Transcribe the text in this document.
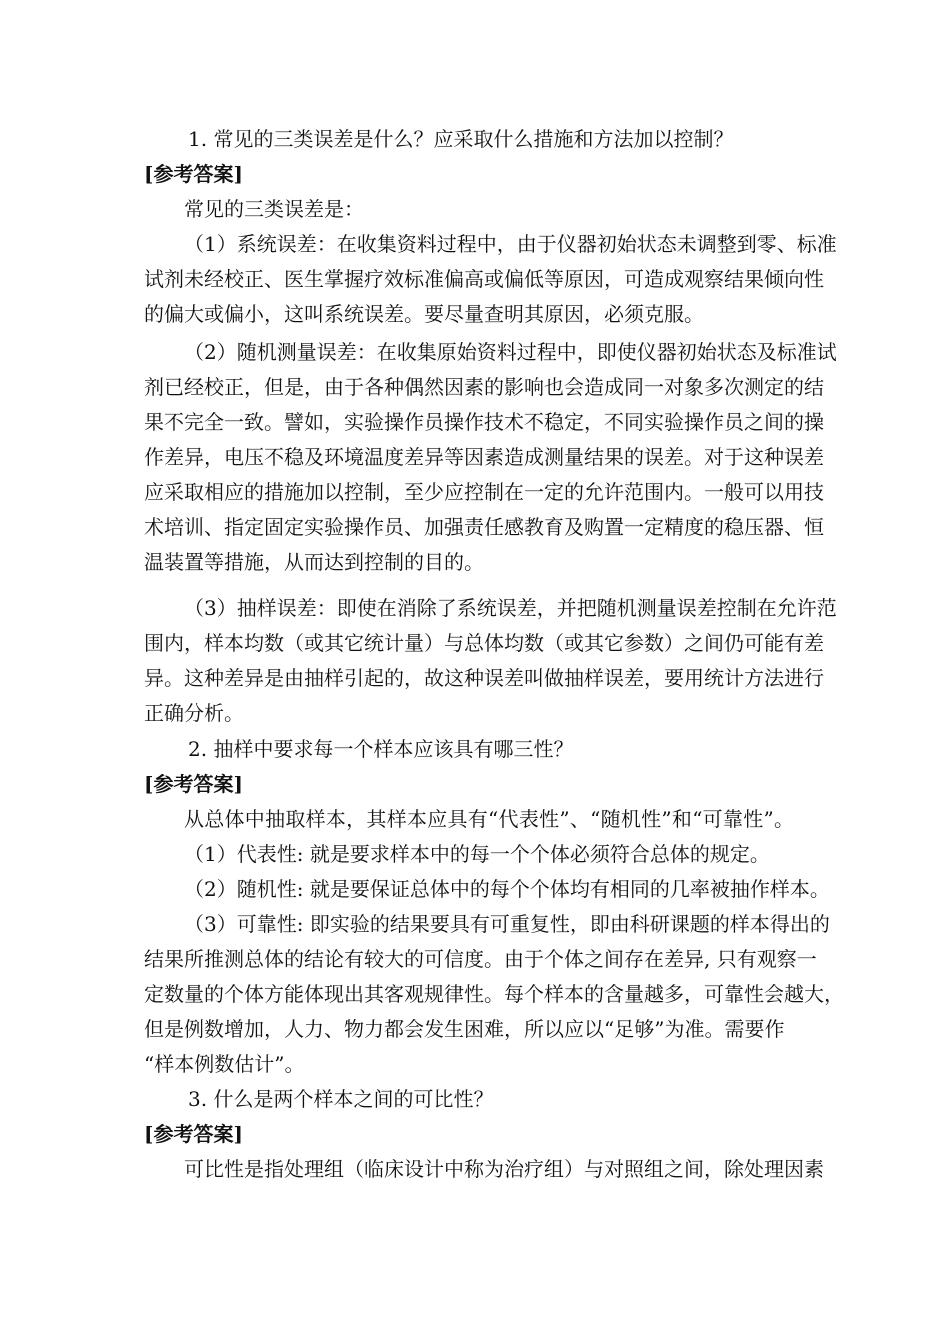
1. 常见的三类误差是什么？应采取什么措施和方法加以控制？
[参考答案]
常见的三类误差是：
（1）系统误差：在收集资料过程中，由于仪器初始状态未调整到零、标准
试剂未经校正、医生掌握疗效标准偏高或偏低等原因，可造成观察结果倾向性
的偏大或偏小，这叫系统误差。要尽量查明其原因，必须克服。
（2）随机测量误差：在收集原始资料过程中，即使仪器初始状态及标准试
剂已经校正，但是，由于各种偶然因素的影响也会造成同一对象多次测定的结
果不完全一致。譬如，实验操作员操作技术不稳定，不同实验操作员之间的操
作差异，电压不稳及环境温度差异等因素造成测量结果的误差。对于这种误差
应采取相应的措施加以控制，至少应控制在一定的允许范围内。一般可以用技
术培训、指定固定实验操作员、加强责任感教育及购置一定精度的稳压器、恒
温装置等措施，从而达到控制的目的。
（3）抽样误差：即使在消除了系统误差，并把随机测量误差控制在允许范
围内，样本均数（或其它统计量）与总体均数（或其它参数）之间仍可能有差
异。这种差异是由抽样引起的，故这种误差叫做抽样误差，要用统计方法进行
正确分析。
2. 抽样中要求每一个样本应该具有哪三性？
[参考答案]
从总体中抽取样本，其样本应具有“代表性”、“随机性”和“可靠性”。
（1）代表性: 就是要求样本中的每一个个体必须符合总体的规定。
（2）随机性: 就是要保证总体中的每个个体均有相同的几率被抽作样本。
（3）可靠性: 即实验的结果要具有可重复性，即由科研课题的样本得出的
结果所推测总体的结论有较大的可信度。由于个体之间存在差异, 只有观察一
定数量的个体方能体现出其客观规律性。每个样本的含量越多，可靠性会越大，
但是例数增加，人力、物力都会发生困难，所以应以“足够”为准。需要作
“样本例数估计”。
3. 什么是两个样本之间的可比性？
[参考答案]
可比性是指处理组（临床设计中称为治疗组）与对照组之间，除处理因素
